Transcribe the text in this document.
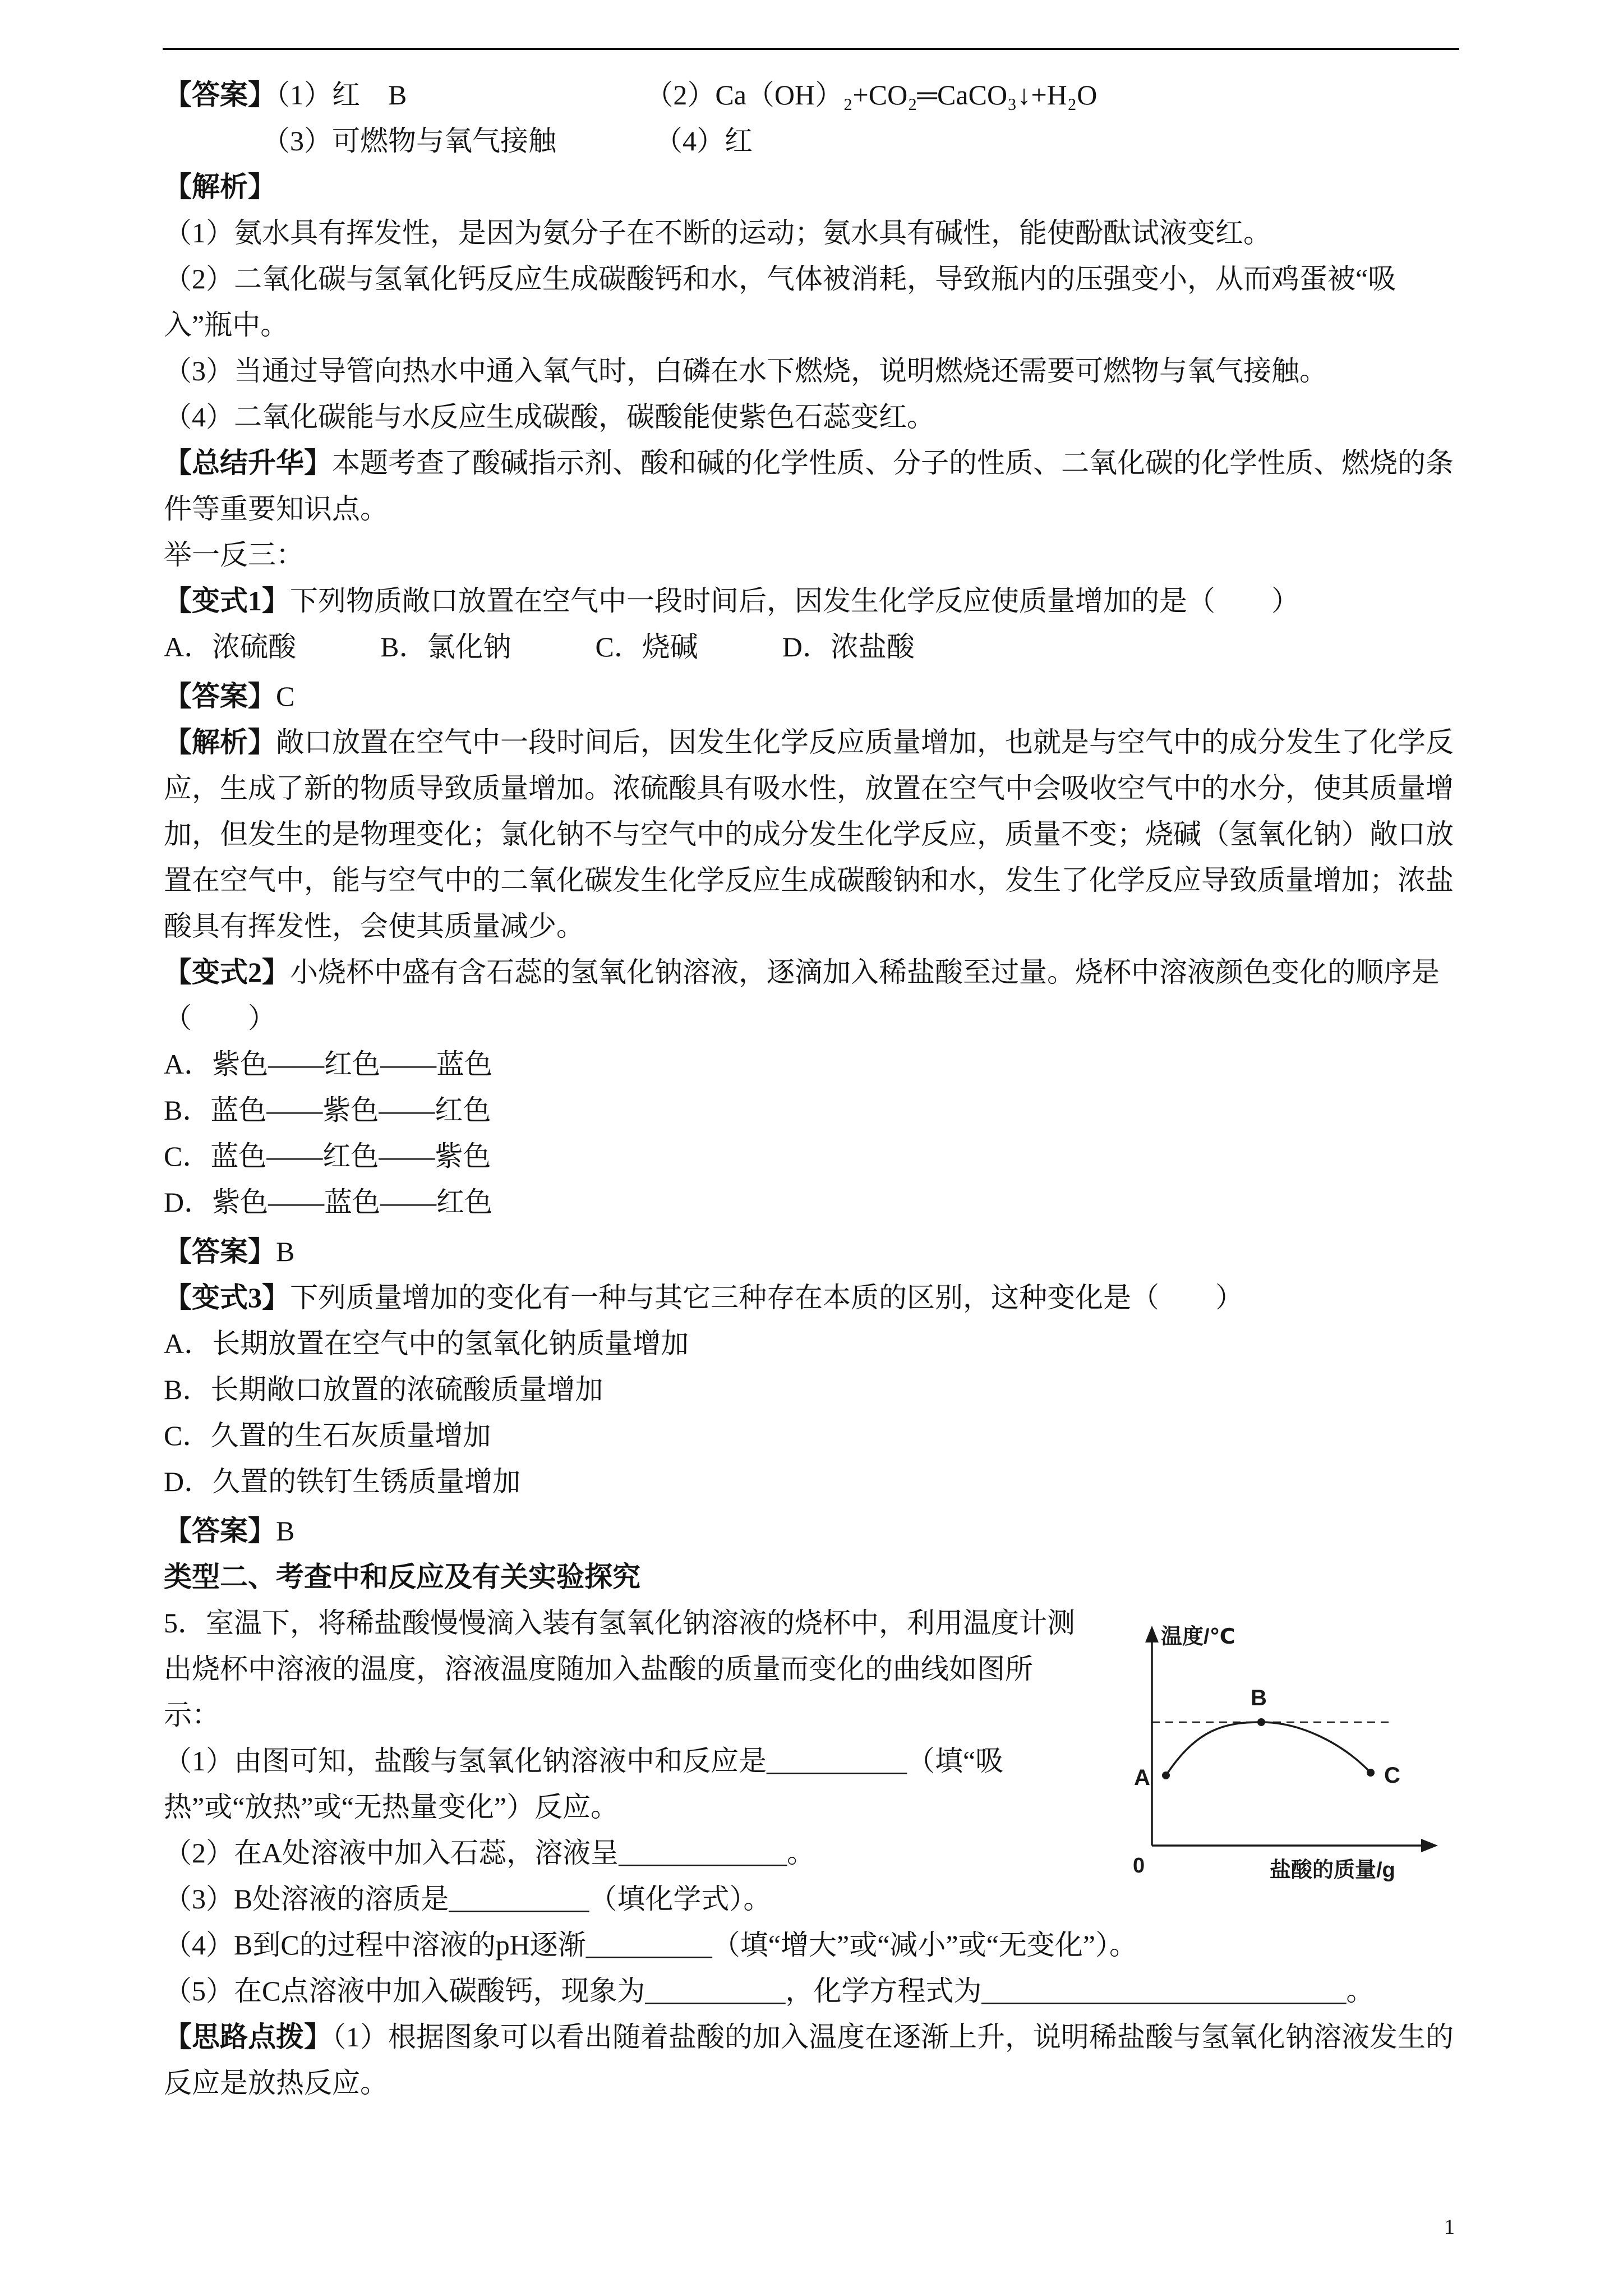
【答案】（1）红　B　　　　　　　　　（2）Ca（OH）₂+CO₂═CaCO₃↓+H₂O

　　　　（3）可燃物与氧气接触　　　　（4）红

【解析】

（1）氨水具有挥发性，是因为氨分子在不断的运动；氨水具有碱性，能使酚酞试液变红。

（2）二氧化碳与氢氧化钙反应生成碳酸钙和水，气体被消耗，导致瓶内的压强变小，从而鸡蛋被“吸入”瓶中。

（3）当通过导管向热水中通入氧气时，白磷在水下燃烧，说明燃烧还需要可燃物与氧气接触。

（4）二氧化碳能与水反应生成碳酸，碳酸能使紫色石蕊变红。

【总结升华】本题考查了酸碱指示剂、酸和碱的化学性质、分子的性质、二氧化碳的化学性质、燃烧的条件等重要知识点。

举一反三：

【变式1】下列物质敞口放置在空气中一段时间后，因发生化学反应使质量增加的是（　　）

A．浓硫酸　　　B．氯化钠　　　C．烧碱　　　D．浓盐酸

【答案】C

【解析】敞口放置在空气中一段时间后，因发生化学反应质量增加，也就是与空气中的成分发生了化学反应，生成了新的物质导致质量增加。浓硫酸具有吸水性，放置在空气中会吸收空气中的水分，使其质量增加，但发生的是物理变化；氯化钠不与空气中的成分发生化学反应，质量不变；烧碱（氢氧化钠）敞口放置在空气中，能与空气中的二氧化碳发生化学反应生成碳酸钠和水，发生了化学反应导致质量增加；浓盐酸具有挥发性，会使其质量减少。

【变式2】小烧杯中盛有含石蕊的氢氧化钠溶液，逐滴加入稀盐酸至过量。烧杯中溶液颜色变化的顺序是（　　）

A．紫色——红色——蓝色

B．蓝色——紫色——红色

C．蓝色——红色——紫色

D．紫色——蓝色——红色

【答案】B

【变式3】下列质量增加的变化有一种与其它三种存在本质的区别，这种变化是（　　）

A．长期放置在空气中的氢氧化钠质量增加

B．长期敞口放置的浓硫酸质量增加

C．久置的生石灰质量增加

D．久置的铁钉生锈质量增加

【答案】B

类型二、考查中和反应及有关实验探究

温度/℃
A
B
C
0	盐酸的质量/g

5．室温下，将稀盐酸慢慢滴入装有氢氧化钠溶液的烧杯中，利用温度计测出烧杯中溶液的温度，溶液温度随加入盐酸的质量而变化的曲线如图所示：

（1）由图可知，盐酸与氢氧化钠溶液中和反应是__________（填“吸热”或“放热”或“无热量变化”）反应。

（2）在A处溶液中加入石蕊，溶液呈____________。

（3）B处溶液的溶质是__________（填化学式）。

（4）B到C的过程中溶液的pH逐渐_________（填“增大”或“减小”或“无变化”）。

（5）在C点溶液中加入碳酸钙，现象为__________，化学方程式为__________________________。

【思路点拨】（1）根据图象可以看出随着盐酸的加入温度在逐渐上升，说明稀盐酸与氢氧化钠溶液发生的反应是放热反应。

1
